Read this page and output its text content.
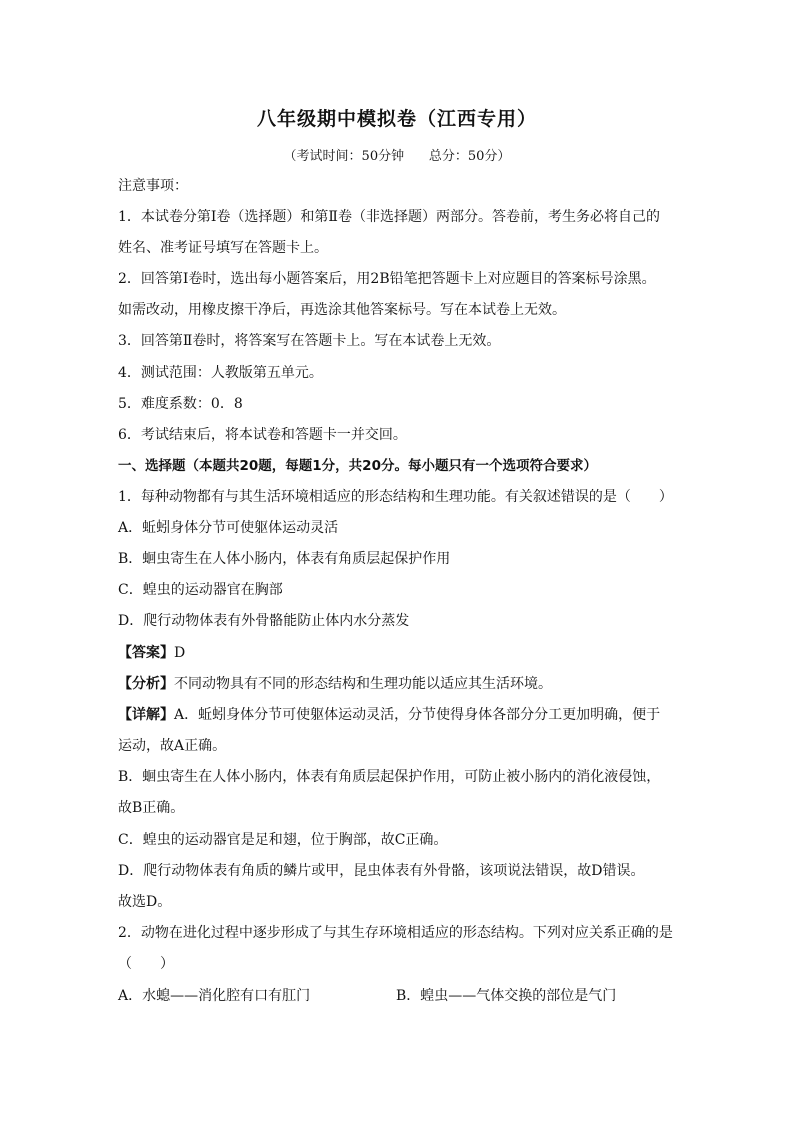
八年级期中模拟卷（江西专用）
（考试时间：50分钟      总分：50分）
注意事项：
1．本试卷分第Ⅰ卷（选择题）和第Ⅱ卷（非选择题）两部分。答卷前，考生务必将自己的
姓名、准考证号填写在答题卡上。
2．回答第Ⅰ卷时，选出每小题答案后，用2B铅笔把答题卡上对应题目的答案标号涂黑。
如需改动，用橡皮擦干净后，再选涂其他答案标号。写在本试卷上无效。
3．回答第Ⅱ卷时，将答案写在答题卡上。写在本试卷上无效。
4．测试范围：人教版第五单元。
5．难度系数：0．8
6．考试结束后，将本试卷和答题卡一并交回。
一、选择题（本题共20题，每题1分，共20分。每小题只有一个选项符合要求）
1．每种动物都有与其生活环境相适应的形态结构和生理功能。有关叙述错误的是（　　）
A．蚯蚓身体分节可使躯体运动灵活
B．蛔虫寄生在人体小肠内，体表有角质层起保护作用
C．蝗虫的运动器官在胸部
D．爬行动物体表有外骨骼能防止体内水分蒸发
【答案】D
【分析】不同动物具有不同的形态结构和生理功能以适应其生活环境。
【详解】A．蚯蚓身体分节可使躯体运动灵活，分节使得身体各部分分工更加明确，便于
运动，故A正确。
B．蛔虫寄生在人体小肠内，体表有角质层起保护作用，可防止被小肠内的消化液侵蚀，
故B正确。
C．蝗虫的运动器官是足和翅，位于胸部，故C正确。
D．爬行动物体表有角质的鳞片或甲，昆虫体表有外骨骼，该项说法错误，故D错误。
故选D。
2．动物在进化过程中逐步形成了与其生存环境相适应的形态结构。下列对应关系正确的是
（　　）
A．水螅——消化腔有口有肛门	B．蝗虫——气体交换的部位是气门
